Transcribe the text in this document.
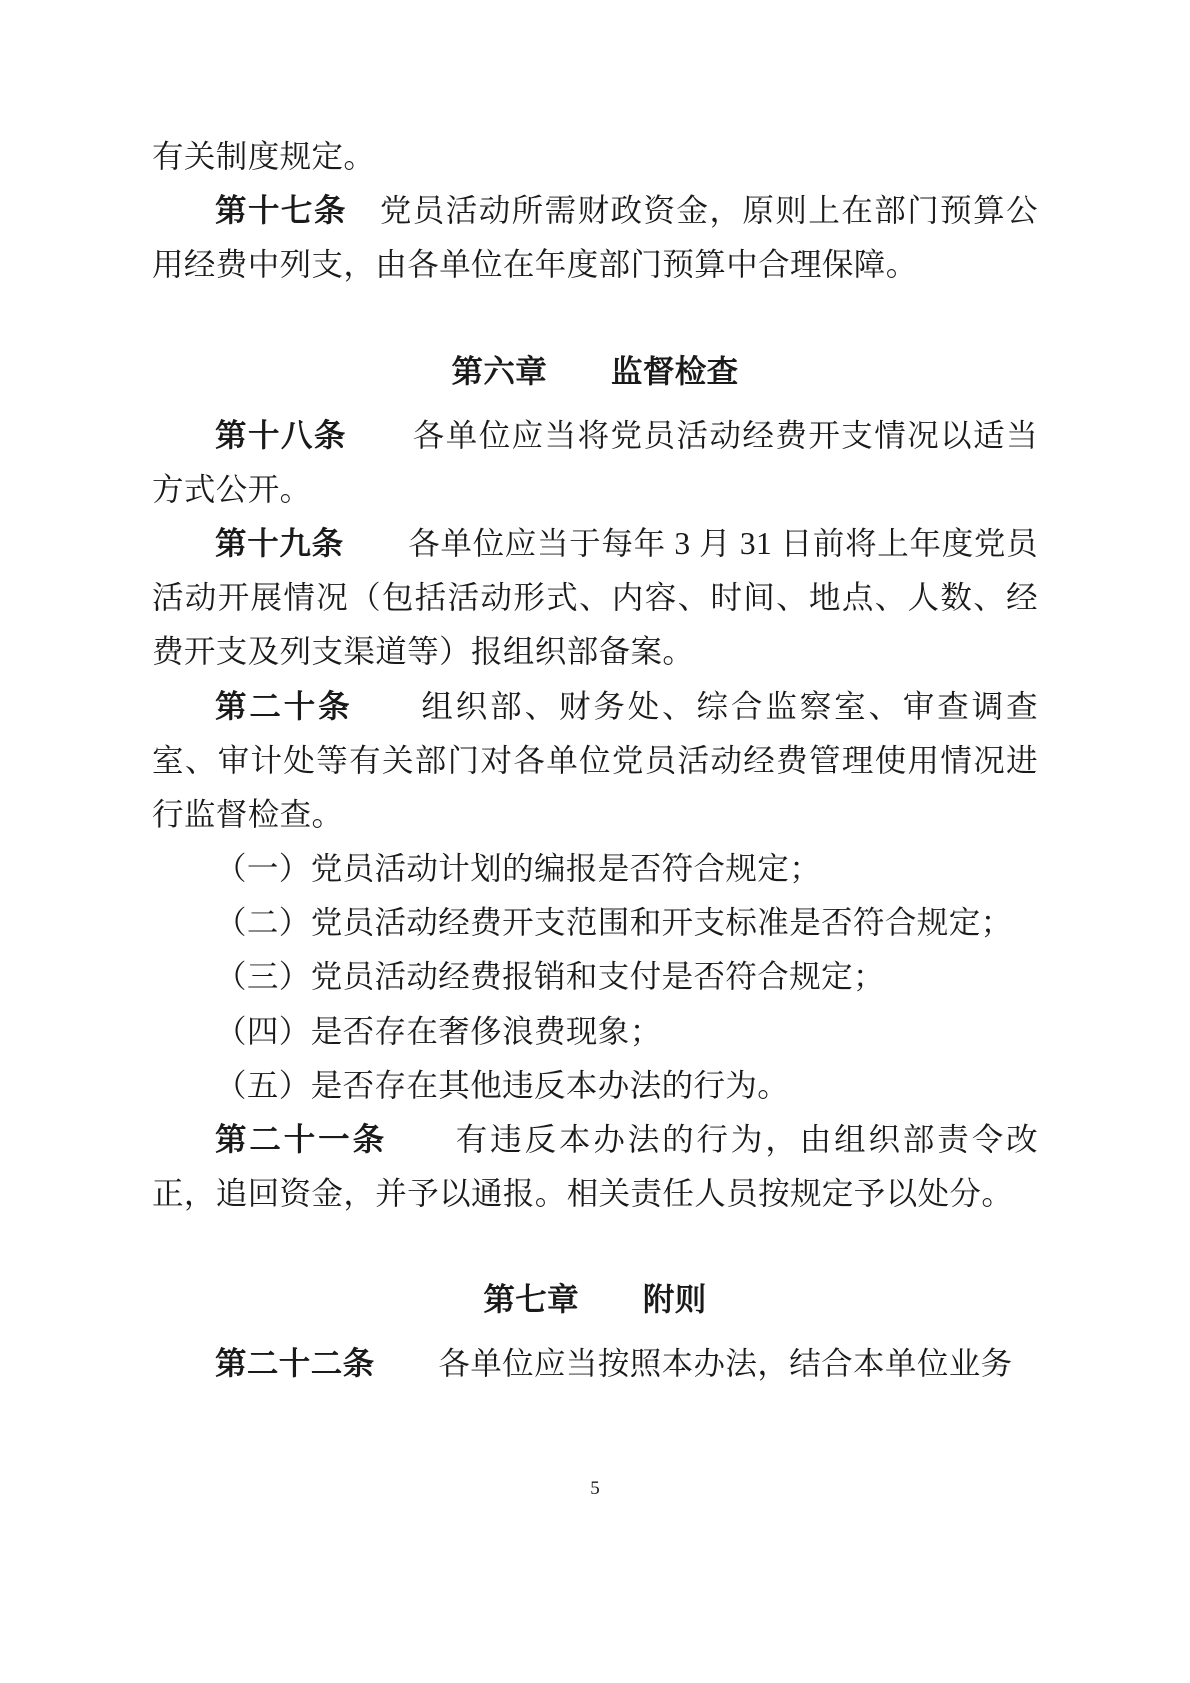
有关制度规定。

第十七条　党员活动所需财政资金，原则上在部门预算公用经费中列支，由各单位在年度部门预算中合理保障。

第六章　　监督检查

第十八条　　各单位应当将党员活动经费开支情况以适当方式公开。

第十九条　　各单位应当于每年 3 月 31 日前将上年度党员活动开展情况（包括活动形式、内容、时间、地点、人数、经费开支及列支渠道等）报组织部备案。

第二十条　　组织部、财务处、综合监察室、审查调查室、审计处等有关部门对各单位党员活动经费管理使用情况进行监督检查。

（一）党员活动计划的编报是否符合规定；

（二）党员活动经费开支范围和开支标准是否符合规定；

（三）党员活动经费报销和支付是否符合规定；

（四）是否存在奢侈浪费现象；

（五）是否存在其他违反本办法的行为。

第二十一条　　有违反本办法的行为，由组织部责令改正，追回资金，并予以通报。相关责任人员按规定予以处分。

第七章　　附则

第二十二条　　各单位应当按照本办法，结合本单位业务

5
